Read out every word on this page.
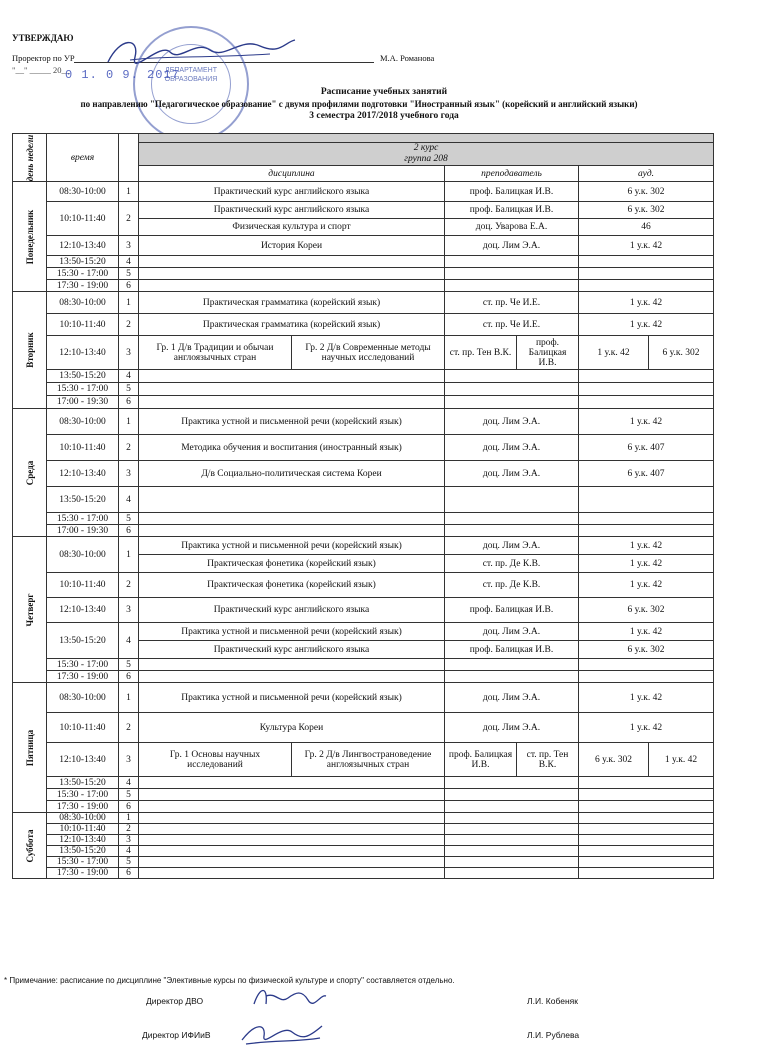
УТВЕРЖДАЮ
Проректор по УР	М.А. Романова
"__" _____ 20__	ДЕПАРТАМЕНТ ОБРАЗОВАНИЯ
0 1. 0 9. 2017
Расписание учебных занятий
по направлению "Педагогическое образование" с двумя профилями подготовки "Иностранный язык" (корейский и английский языки)
3 семестра 2017/2018 учебного года
день недели	время							

			2 курс
группа 208					

			дисциплина		преподаватель		ауд.	

Понедельник	08:30-10:00	1	Практический курс английского языка		проф. Балицкая И.В.		6 у.к. 302	
	10:10-11:40	2	Практический курс английского языка		проф. Балицкая И.В.		6 у.к. 302	
			Физическая культура и спорт		доц. Уварова Е.А.		46	
	12:10-13:40	3	История Кореи		доц. Лим Э.А.		1 у.к. 42	
	13:50-15:20	4						
	15:30 - 17:00	5						
	17:30 - 19:00	6						

Вторник	08:30-10:00	1	Практическая грамматика (корейский язык)		ст. пр. Че И.Е.		1 у.к. 42	
	10:10-11:40	2	Практическая грамматика (корейский язык)		ст. пр. Че И.Е.		1 у.к. 42	
	12:10-13:40	3	Гр. 1 Д/в Традиции и обычаи англоязычных стран	Гр. 2 Д/в Современные методы научных исследований	ст. пр. Тен В.К.	проф. Балицкая И.В.	1 у.к. 42	6 у.к. 302
	13:50-15:20	4						
	15:30 - 17:00	5						
	17:00 - 19:30	6						

Среда	08:30-10:00	1	Практика устной и письменной речи (корейский язык)		доц. Лим Э.А.		1 у.к. 42	
	10:10-11:40	2	Методика обучения и воспитания (иностранный язык)		доц. Лим Э.А.		6 у.к. 407	
	12:10-13:40	3	Д/в Социально-политическая система Кореи		доц. Лим Э.А.		6 у.к. 407	
	13:50-15:20	4						
	15:30 - 17:00	5						
	17:00 - 19:30	6						

Четверг	08:30-10:00	1	Практика устной и письменной речи (корейский язык)		доц. Лим Э.А.		1 у.к. 42	
			Практическая фонетика (корейский язык)		ст. пр. Де К.В.		1 у.к. 42	
	10:10-11:40	2	Практическая фонетика (корейский язык)		ст. пр. Де К.В.		1 у.к. 42	
	12:10-13:40	3	Практический курс английского языка		проф. Балицкая И.В.		6 у.к. 302	
	13:50-15:20	4	Практика устной и письменной речи (корейский язык)		доц. Лим Э.А.		1 у.к. 42	
			Практический курс английского языка		проф. Балицкая И.В.		6 у.к. 302	
	15:30 - 17:00	5						
	17:30 - 19:00	6						

Пятница	08:30-10:00	1	Практика устной и письменной речи (корейский язык)		доц. Лим Э.А.		1 у.к. 42	
	10:10-11:40	2	Культура Кореи		доц. Лим Э.А.		1 у.к. 42	
	12:10-13:40	3	Гр. 1 Основы научных исследований	Гр. 2 Д/в Лингвострановедение англоязычных стран	проф. Балицкая И.В.	ст. пр. Тен В.К.	6 у.к. 302	1 у.к. 42
	13:50-15:20	4						
	15:30 - 17:00	5						
	17:30 - 19:00	6						

Суббота	08:30-10:00	1						
	10:10-11:40	2						
	12:10-13:40	3						
	13:50-15:20	4						
	15:30 - 17:00	5						
	17:30 - 19:00	6						
* Примечание: расписание по дисциплине "Элективные курсы по физической культуре и спорту" составляется отдельно.
Директор ДВО	Л.И. Кобеняк
Директор ИФИиВ	Л.И. Рублева
